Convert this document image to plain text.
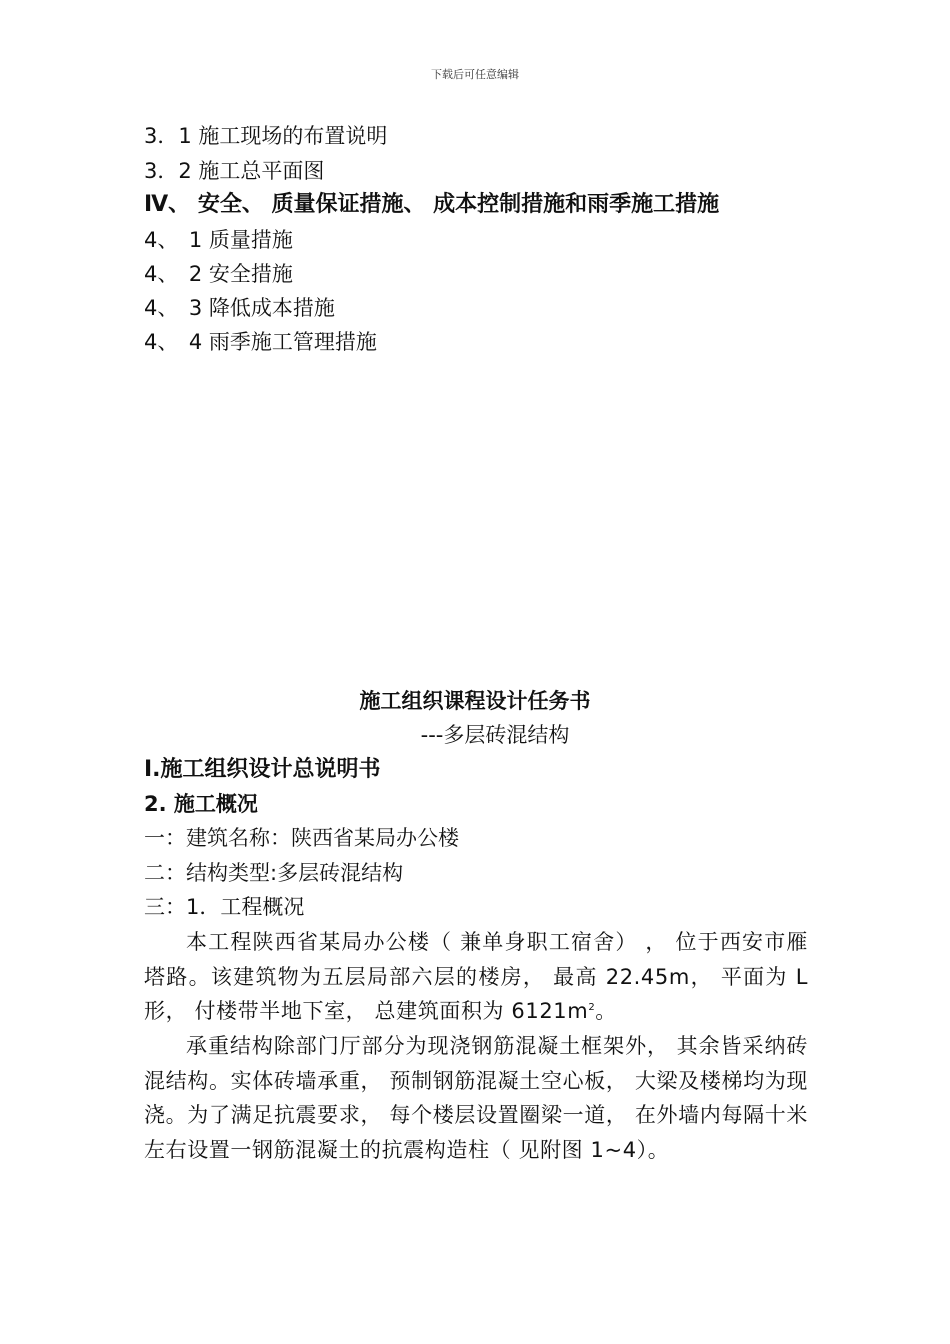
下载后可任意编辑
3．1 施工现场的布置说明
3．2 施工总平面图
Ⅳ、 安全、 质量保证措施、 成本控制措施和雨季施工措施
4、　1 质量措施
4、　2 安全措施
4、　3 降低成本措施
4、　4 雨季施工管理措施
施工组织课程设计任务书
---多层砖混结构
Ⅰ.施工组织设计总说明书
2. 施工概况
一：建筑名称：陕西省某局办公楼
二：结构类型:多层砖混结构
三：1．工程概况
本工程陕西省某局办公楼（ 兼单身职工宿舍） ， 位于西安市雁塔路。该建筑物为五层局部六层的楼房， 最高 22.45m， 平面为 L 形， 付楼带半地下室， 总建筑面积为 $6121m^2$。
承重结构除部门厅部分为现浇钢筋混凝土框架外， 其余皆采纳砖混结构。实体砖墙承重， 预制钢筋混凝土空心板， 大梁及楼梯均为现浇。为了满足抗震要求， 每个楼层设置圈梁一道， 在外墙内每隔十米左右设置一钢筋混凝土的抗震构造柱（ 见附图 1~4）。
